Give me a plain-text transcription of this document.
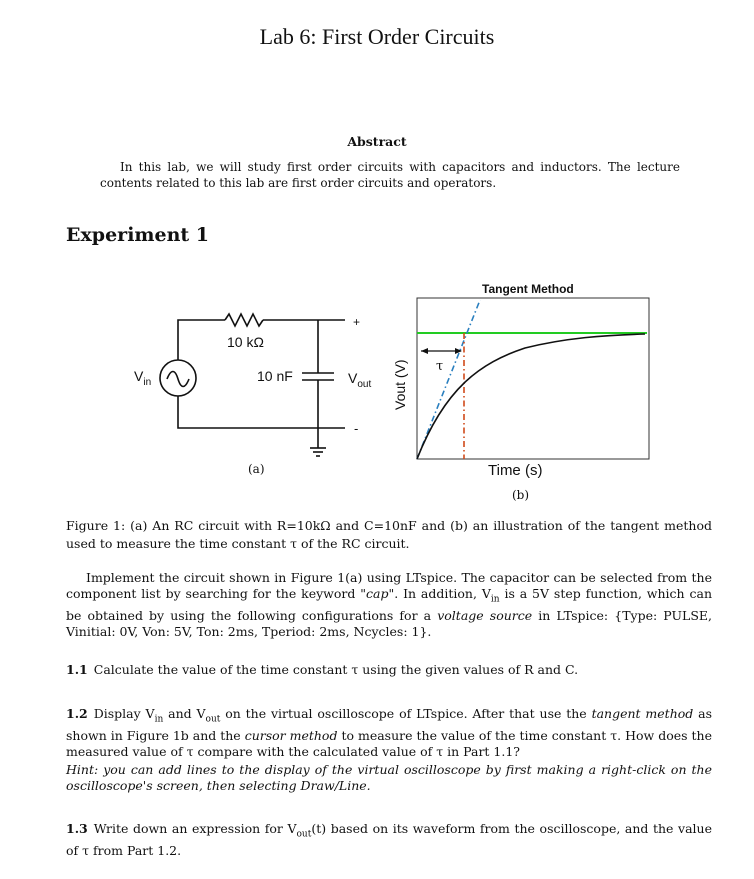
Lab 6: First Order Circuits
Abstract
In this lab, we will study first order circuits with capacitors and inductors. The lecture contents related to this lab are first order circuits and operators.
Experiment 1
10 kΩ
10 nF
+
-
$V_{in}$	$V_{out}$
(a)
Tangent Method
τ
Vout (V)
Time (s)
(b)
Figure 1: (a) An RC circuit with R=10kΩ and C=10nF and (b) an illustration of the tangent method used to measure the time constant τ of the RC circuit.
Implement the circuit shown in Figure 1(a) using LTspice. The capacitor can be selected from the component list by searching for the keyword "cap". In addition, $V_{in}$ is a 5V step function, which can be obtained by using the following configurations for a voltage source in LTspice: {Type: PULSE, Vinitial: 0V, Von: 5V, Ton: 2ms, Tperiod: 2ms, Ncycles: 1}.
1.1 Calculate the value of the time constant τ using the given values of R and C.
1.2 Display $V_{in}$ and $V_{out}$ on the virtual oscilloscope of LTspice. After that use the tangent method as shown in Figure 1b and the cursor method to measure the value of the time constant τ. How does the measured value of τ compare with the calculated value of τ in Part 1.1?
Hint: you can add lines to the display of the virtual oscilloscope by first making a right-click on the oscilloscope's screen, then selecting Draw/Line.
1.3 Write down an expression for $V_{out}(t)$ based on its waveform from the oscilloscope, and the value of τ from Part 1.2.
